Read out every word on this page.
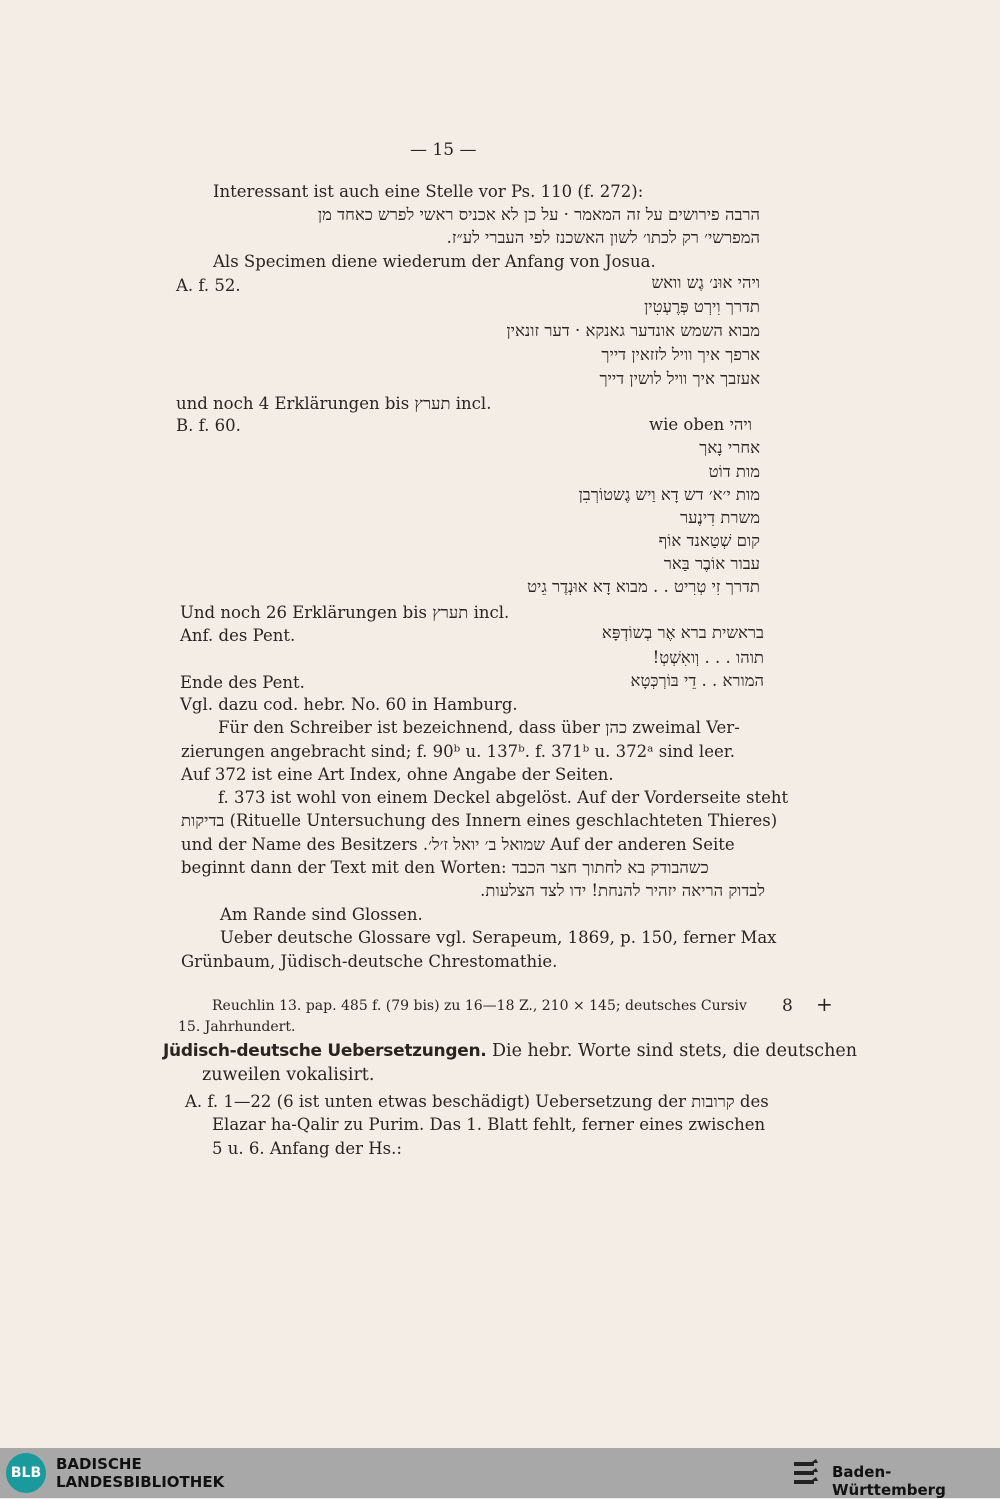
— 15 —
Interessant ist auch eine Stelle vor Ps. 110 (f. 272):
הרבה פירושים על זה המאמר · על כן לא אכניס ראשי לפרש כאחד מן
המפרשי׳ רק לכתו׳ לשון האשכנז לפי העברי לע״ז.
Als Specimen diene wiederum der Anfang von Josua.
A. f. 52.	ויהי אוּנ׳ גֶש וואש
תדרך וִירְט פְּרֶעְטִין
מבוא השמש אונדער גאנקא · דער זונאין
ארפך איך וויל לזזאין דייך
אעזבך איך וויל לושין דייך
und noch 4 Erklärungen bis תערץ incl.
B. f. 60.	wie oben ויהי
אחרי נָאך
מות דוֹט
מות י׳א׳ דש דָא וַיש גֶשטוֹרְבִן
משרת דִינֶער
קום שְׁטַאנד אוֹף
עבור אוֹבֶר בַּאר
תדרך זִי טְרִיט . . מבוא דָא אוּנְדֶר גֵיט
Und noch 26 Erklärungen bis תערץ incl.
Anf. des Pent.	בראשית ברא אֶר בְשוֹדְפָּא
תוהו . . . וְואִשְׁטְ!
Ende des Pent.	המורא . . דֵי בּוֹרְכְּטָא
Vgl. dazu cod. hebr. No. 60 in Hamburg.
Für den Schreiber ist bezeichnend, dass über כהן zweimal Ver-
zierungen angebracht sind; f. 90ᵇ u. 137ᵇ. f. 371ᵇ u. 372ᵃ sind leer.
Auf 372 ist eine Art Index, ohne Angabe der Seiten.
f. 373 ist wohl von einem Deckel abgelöst. Auf der Vorderseite steht
בדיקות (Rituelle Untersuchung des Innern eines geschlachteten Thieres)
und der Name des Besitzers שמואל ב׳ יואל ז׳ל׳. Auf der anderen Seite
beginnt dann der Text mit den Worten: כשהבודק בא לחתוך חצר הכבד
לבדוק הריאה יזהיר להנחת! ידו לצד הצלעות.
Am Rande sind Glossen.
Ueber deutsche Glossare vgl. Serapeum, 1869, p. 150, ferner Max
Grünbaum, Jüdisch-deutsche Chrestomathie.
Reuchlin 13. pap. 485 f. (79 bis) zu 16—18 Z., 210 ⨯ 145; deutsches Cursiv 8 +
15. Jahrhundert.
Jüdisch-deutsche Uebersetzungen. Die hebr. Worte sind stets, die deutschen
zuweilen vokalisirt.
A. f. 1—22 (6 ist unten etwas beschädigt) Uebersetzung der קרובות des
Elazar ha-Qalir zu Purim. Das 1. Blatt fehlt, ferner eines zwischen
5 u. 6. Anfang der Hs.:
BLB BADISCHE
LANDESBIBLIOTHEK
Baden-Württemberg
